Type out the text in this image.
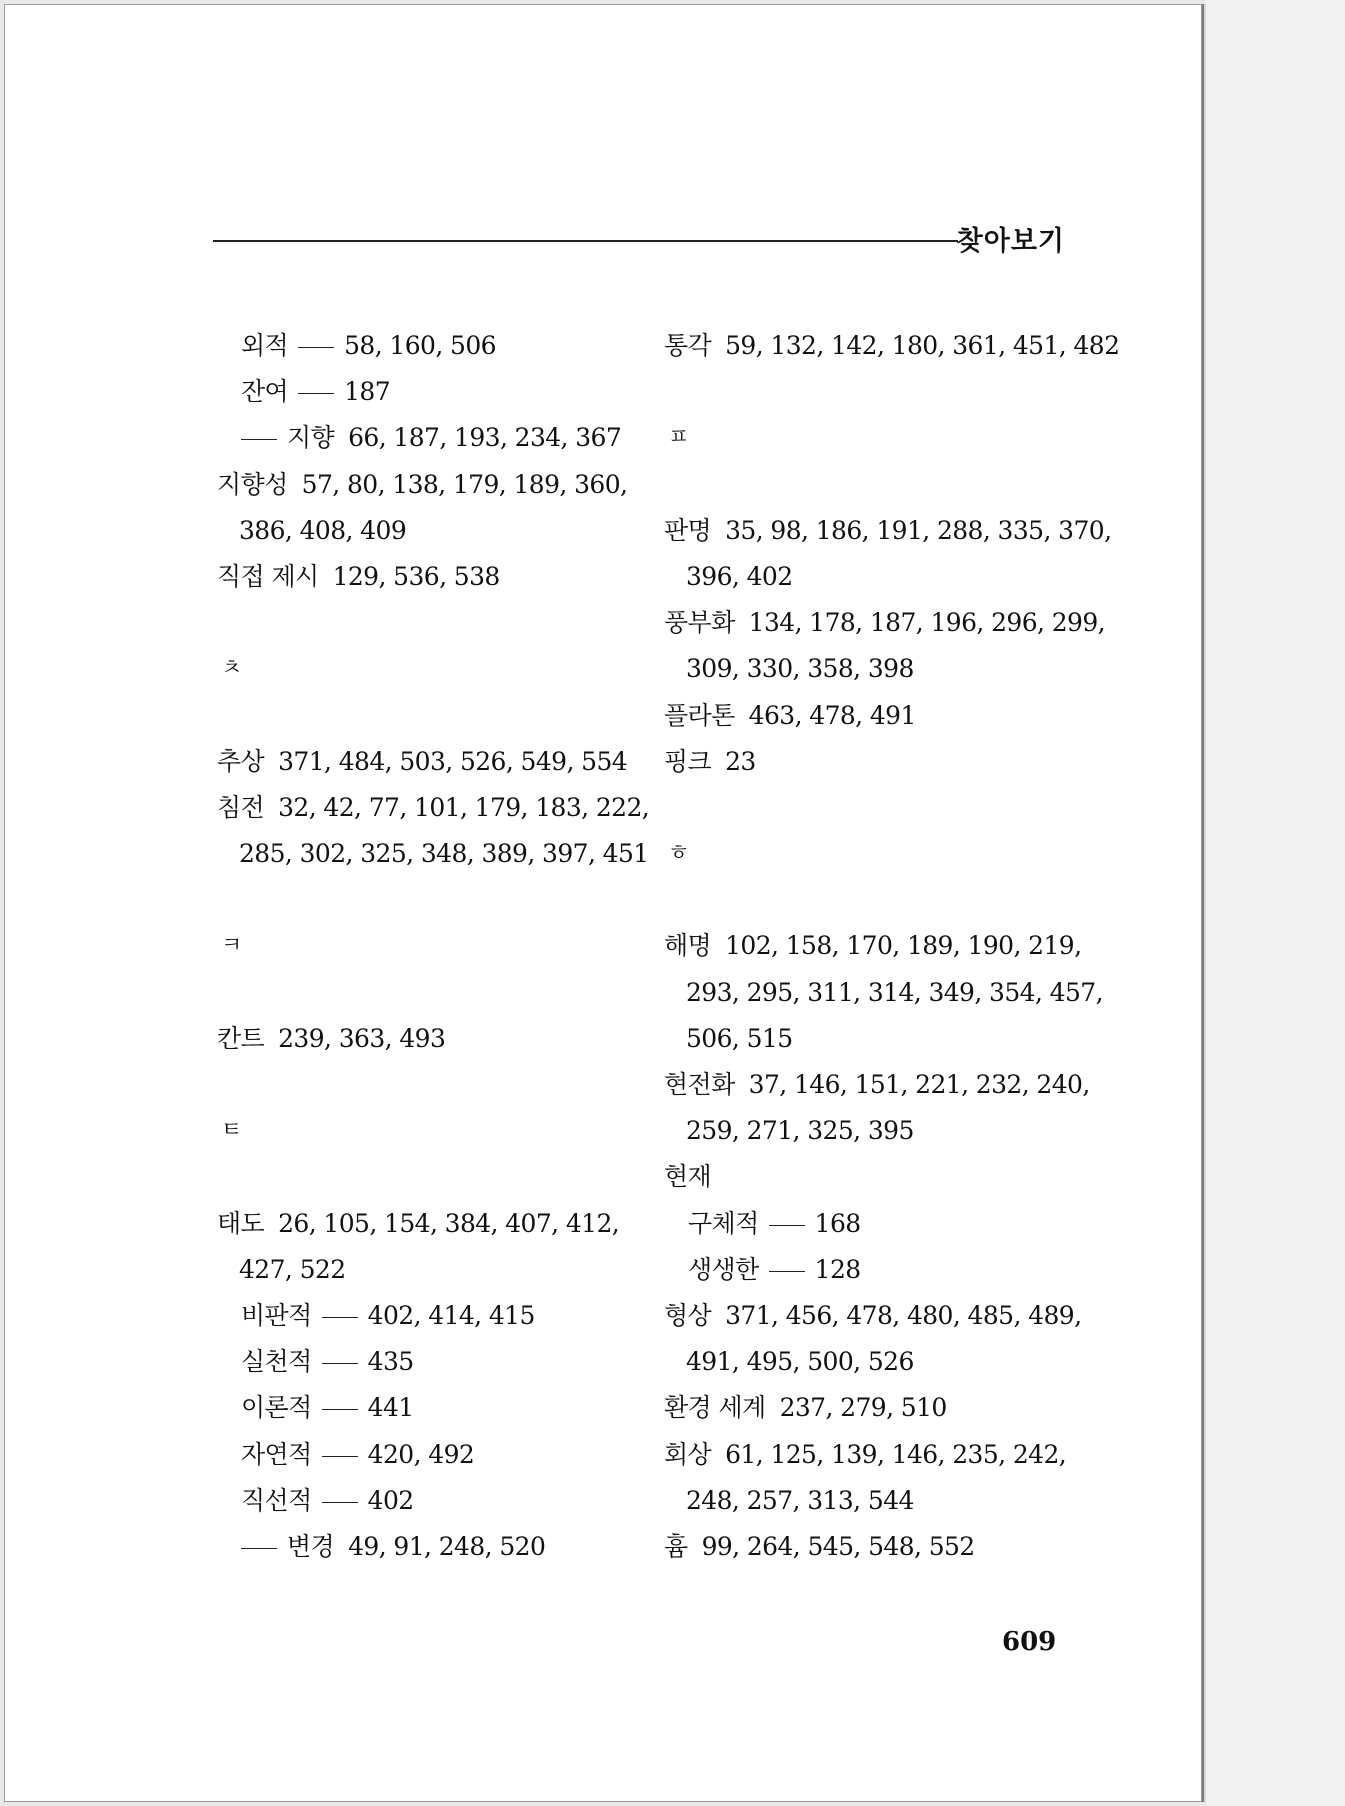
찾아보기
외적 58, 160, 506
잔여 187
지향 66, 187, 193, 234, 367
지향성 57, 80, 138, 179, 189, 360,
386, 408, 409
직접 제시 129, 536, 538
ㅊ
추상 371, 484, 503, 526, 549, 554
침전 32, 42, 77, 101, 179, 183, 222,
285, 302, 325, 348, 389, 397, 451
ㅋ
칸트 239, 363, 493
ㅌ
태도 26, 105, 154, 384, 407, 412,
427, 522
비판적 402, 414, 415
실천적 435
이론적 441
자연적 420, 492
직선적 402
변경 49, 91, 248, 520
통각 59, 132, 142, 180, 361, 451, 482
ㅍ
판명 35, 98, 186, 191, 288, 335, 370,
396, 402
풍부화 134, 178, 187, 196, 296, 299,
309, 330, 358, 398
플라톤 463, 478, 491
핑크 23
ㅎ
해명 102, 158, 170, 189, 190, 219,
293, 295, 311, 314, 349, 354, 457,
506, 515
현전화 37, 146, 151, 221, 232, 240,
259, 271, 325, 395
현재
구체적 168
생생한 128
형상 371, 456, 478, 480, 485, 489,
491, 495, 500, 526
환경 세계 237, 279, 510
회상 61, 125, 139, 146, 235, 242,
248, 257, 313, 544
흄 99, 264, 545, 548, 552
609
